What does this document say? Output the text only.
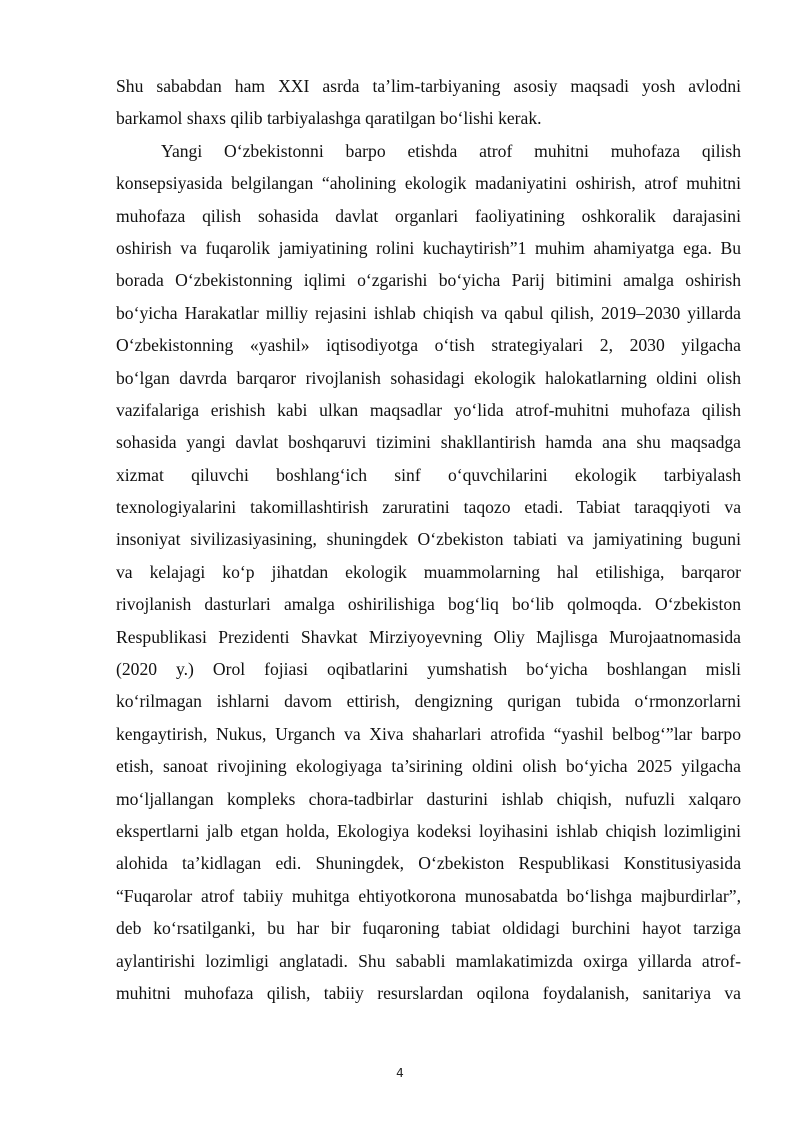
Shu sababdan ham XXI asrda ta’lim-tarbiyaning asosiy maqsadi yosh avlodni
barkamol shaxs qilib tarbiyalashga qaratilgan bo‘lishi kerak.
Yangi O‘zbekistonni barpo etishda atrof muhitni muhofaza qilish
konsepsiyasida belgilangan “aholining ekologik madaniyatini oshirish, atrof muhitni
muhofaza qilish sohasida davlat organlari faoliyatining oshkoralik darajasini
oshirish va fuqarolik jamiyatining rolini kuchaytirish”1 muhim ahamiyatga ega. Bu
borada O‘zbekistonning iqlimi o‘zgarishi bo‘yicha Parij bitimini amalga oshirish
bo‘yicha Harakatlar milliy rejasini ishlab chiqish va qabul qilish, 2019–2030 yillarda
O‘zbekistonning «yashil» iqtisodiyotga o‘tish strategiyalari 2, 2030 yilgacha
bo‘lgan davrda barqaror rivojlanish sohasidagi ekologik halokatlarning oldini olish
vazifalariga erishish kabi ulkan maqsadlar yo‘lida atrof-muhitni muhofaza qilish
sohasida yangi davlat boshqaruvi tizimini shakllantirish hamda ana shu maqsadga
xizmat qiluvchi boshlang‘ich sinf o‘quvchilarini ekologik tarbiyalash
texnologiyalarini takomillashtirish zaruratini taqozo etadi. Tabiat taraqqiyoti va
insoniyat sivilizasiyasining, shuningdek O‘zbekiston tabiati va jamiyatining buguni
va kelajagi ko‘p jihatdan ekologik muammolarning hal etilishiga, barqaror
rivojlanish dasturlari amalga oshirilishiga bog‘liq bo‘lib qolmoqda. O‘zbekiston
Respublikasi Prezidenti Shavkat Mirziyoyevning Oliy Majlisga Murojaatnomasida
(2020 y.) Orol fojiasi oqibatlarini yumshatish bo‘yicha boshlangan misli
ko‘rilmagan ishlarni davom ettirish, dengizning qurigan tubida o‘rmonzorlarni
kengaytirish, Nukus, Urganch va Xiva shaharlari atrofida “yashil belbog‘”lar barpo
etish, sanoat rivojining ekologiyaga ta’sirining oldini olish bo‘yicha 2025 yilgacha
mo‘ljallangan kompleks chora-tadbirlar dasturini ishlab chiqish, nufuzli xalqaro
ekspertlarni jalb etgan holda, Ekologiya kodeksi loyihasini ishlab chiqish lozimligini
alohida ta’kidlagan edi. Shuningdek, O‘zbekiston Respublikasi Konstitusiyasida
“Fuqarolar atrof tabiiy muhitga ehtiyotkorona munosabatda bo‘lishga majburdirlar”,
deb ko‘rsatilganki, bu har bir fuqaroning tabiat oldidagi burchini hayot tarziga
aylantirishi lozimligi anglatadi. Shu sababli mamlakatimizda oxirga yillarda atrof-
muhitni muhofaza qilish, tabiiy resurslardan oqilona foydalanish, sanitariya va
4
